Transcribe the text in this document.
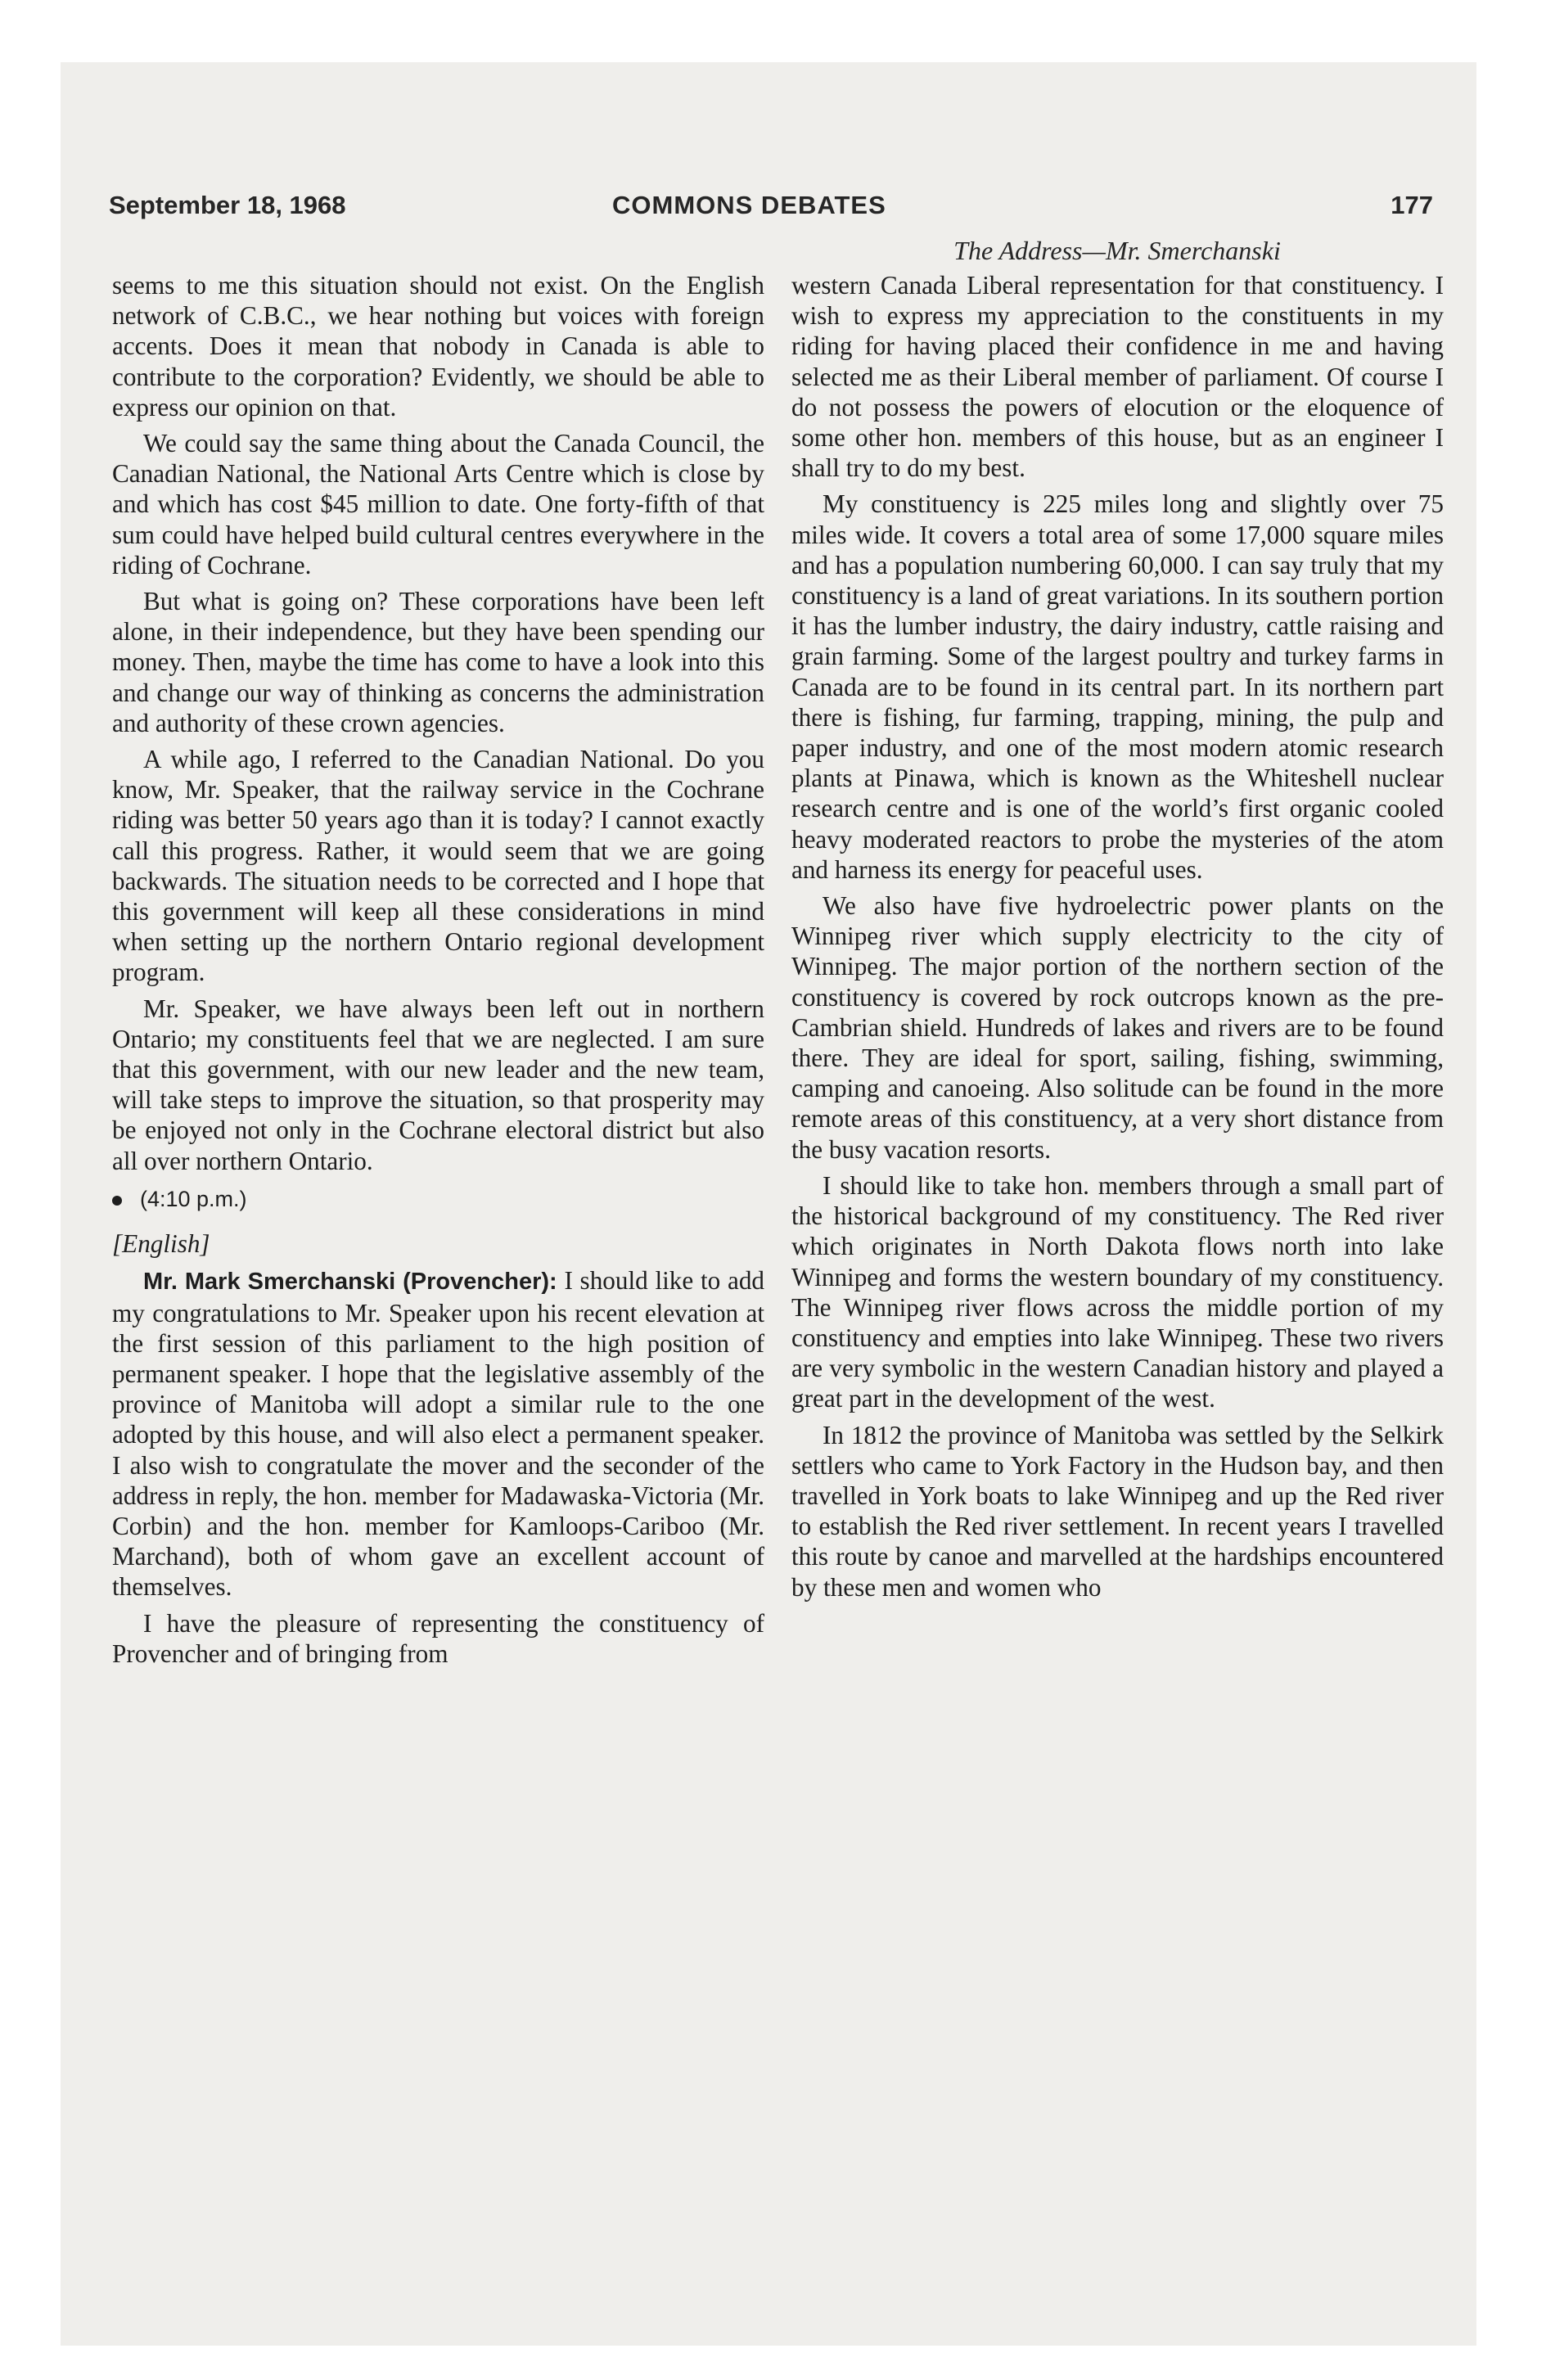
September 18, 1968	COMMONS DEBATES	177
The Address—Mr. Smerchanski

seems to me this situation should not exist. On the English network of C.B.C., we hear nothing but voices with foreign accents. Does it mean that nobody in Canada is able to contribute to the corporation? Evidently, we should be able to express our opinion on that.

We could say the same thing about the Canada Council, the Canadian National, the National Arts Centre which is close by and which has cost $45 million to date. One forty-fifth of that sum could have helped build cultural centres everywhere in the riding of Cochrane.

But what is going on? These corporations have been left alone, in their independence, but they have been spending our money. Then, maybe the time has come to have a look into this and change our way of thinking as concerns the administration and authority of these crown agencies.

A while ago, I referred to the Canadian National. Do you know, Mr. Speaker, that the railway service in the Cochrane riding was better 50 years ago than it is today? I cannot exactly call this progress. Rather, it would seem that we are going backwards. The situation needs to be corrected and I hope that this government will keep all these considerations in mind when setting up the northern Ontario regional development program.

Mr. Speaker, we have always been left out in northern Ontario; my constituents feel that we are neglected. I am sure that this government, with our new leader and the new team, will take steps to improve the situation, so that prosperity may be enjoyed not only in the Cochrane electoral district but also all over northern Ontario.

(4:10 p.m.)

[English]

Mr. Mark Smerchanski (Provencher): I should like to add my congratulations to Mr. Speaker upon his recent elevation at the first session of this parliament to the high position of permanent speaker. I hope that the legislative assembly of the province of Manitoba will adopt a similar rule to the one adopted by this house, and will also elect a permanent speaker. I also wish to congratulate the mover and the seconder of the address in reply, the hon. member for Madawaska-Victoria (Mr. Corbin) and the hon. member for Kamloops-Cariboo (Mr. Marchand), both of whom gave an excellent account of themselves.

I have the pleasure of representing the constituency of Provencher and of bringing from

western Canada Liberal representation for that constituency. I wish to express my appreciation to the constituents in my riding for having placed their confidence in me and having selected me as their Liberal member of parliament. Of course I do not possess the powers of elocution or the eloquence of some other hon. members of this house, but as an engineer I shall try to do my best.

My constituency is 225 miles long and slightly over 75 miles wide. It covers a total area of some 17,000 square miles and has a population numbering 60,000. I can say truly that my constituency is a land of great variations. In its southern portion it has the lumber industry, the dairy industry, cattle raising and grain farming. Some of the largest poultry and turkey farms in Canada are to be found in its central part. In its northern part there is fishing, fur farming, trapping, mining, the pulp and paper industry, and one of the most modern atomic research plants at Pinawa, which is known as the Whiteshell nuclear research centre and is one of the world’s first organic cooled heavy moderated reactors to probe the mysteries of the atom and harness its energy for peaceful uses.

We also have five hydroelectric power plants on the Winnipeg river which supply electricity to the city of Winnipeg. The major portion of the northern section of the constituency is covered by rock outcrops known as the pre-Cambrian shield. Hundreds of lakes and rivers are to be found there. They are ideal for sport, sailing, fishing, swimming, camping and canoeing. Also solitude can be found in the more remote areas of this constituency, at a very short distance from the busy vacation resorts.

I should like to take hon. members through a small part of the historical background of my constituency. The Red river which originates in North Dakota flows north into lake Winnipeg and forms the western boundary of my constituency. The Winnipeg river flows across the middle portion of my constituency and empties into lake Winnipeg. These two rivers are very symbolic in the western Canadian history and played a great part in the development of the west.

In 1812 the province of Manitoba was settled by the Selkirk settlers who came to York Factory in the Hudson bay, and then travelled in York boats to lake Winnipeg and up the Red river to establish the Red river settlement. In recent years I travelled this route by canoe and marvelled at the hardships encountered by these men and women who
